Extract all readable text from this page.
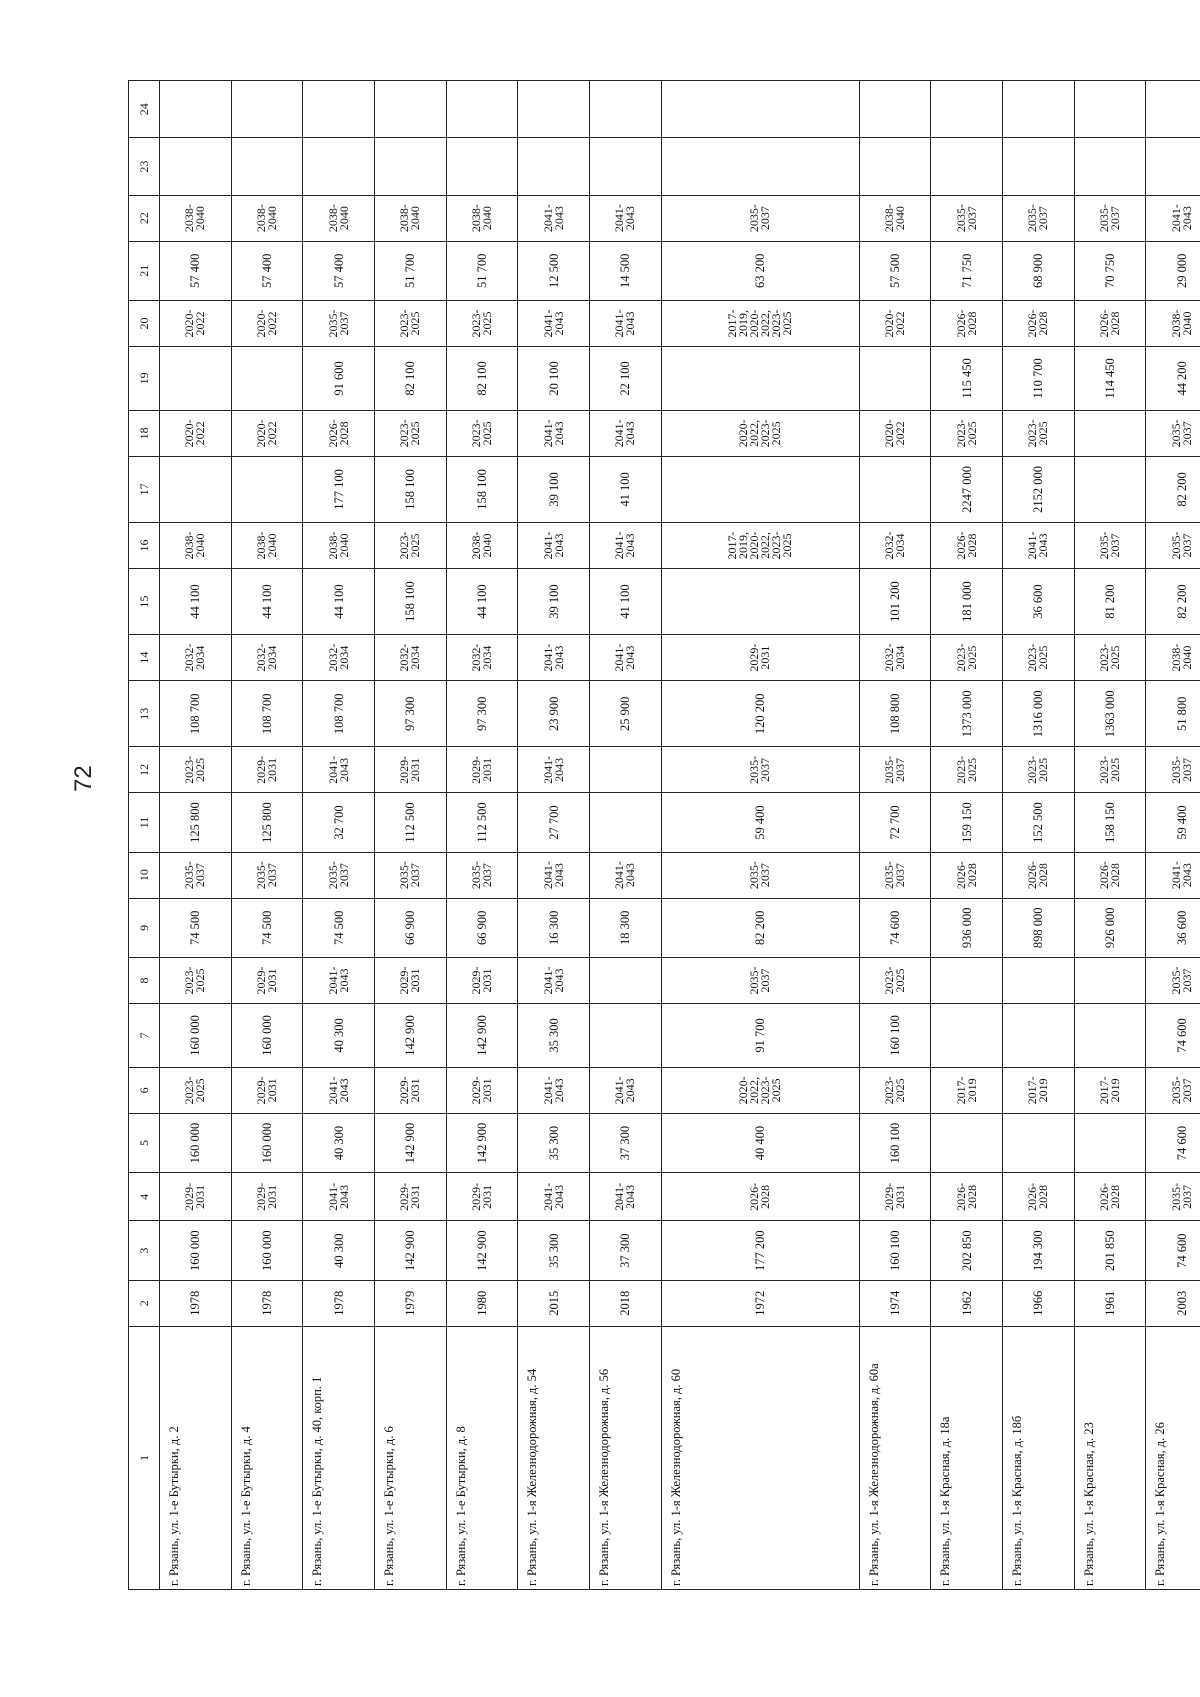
72
1	2	3	4	5	6	7	8	9	10	11	12	13	14	15	16	17	18	19	20	21	22	23	24
г. Рязань, ул. 1-е Бутырки, д. 2	1978	160 000	2029-2031	160 000	2023-2025	160 000	2023-2025	74 500	2035-2037	125 800	2023-2025	108 700	2032-2034	44 100	2038-2040		2020-2022		2020-2022	57 400	2038-2040		
г. Рязань, ул. 1-е Бутырки, д. 4	1978	160 000	2029-2031	160 000	2029-2031	160 000	2029-2031	74 500	2035-2037	125 800	2029-2031	108 700	2032-2034	44 100	2038-2040		2020-2022		2020-2022	57 400	2038-2040		
г. Рязань, ул. 1-е Бутырки, д. 40, корп. 1	1978	40 300	2041-2043	40 300	2041-2043	40 300	2041-2043	74 500	2035-2037	32 700	2041-2043	108 700	2032-2034	44 100	2038-2040	177 100	2026-2028	91 600	2035-2037	57 400	2038-2040		
г. Рязань, ул. 1-е Бутырки, д. 6	1979	142 900	2029-2031	142 900	2029-2031	142 900	2029-2031	66 900	2035-2037	112 500	2029-2031	97 300	2032-2034	158 100	2023-2025	158 100	2023-2025	82 100	2023-2025	51 700	2038-2040		
г. Рязань, ул. 1-е Бутырки, д. 8	1980	142 900	2029-2031	142 900	2029-2031	142 900	2029-2031	66 900	2035-2037	112 500	2029-2031	97 300	2032-2034	44 100	2038-2040	158 100	2023-2025	82 100	2023-2025	51 700	2038-2040		
г. Рязань, ул. 1-я Железнодорожная, д. 54	2015	35 300	2041-2043	35 300	2041-2043	35 300	2041-2043	16 300	2041-2043	27 700	2041-2043	23 900	2041-2043	39 100	2041-2043	39 100	2041-2043	20 100	2041-2043	12 500	2041-2043		
г. Рязань, ул. 1-я Железнодорожная, д. 56	2018	37 300	2041-2043	37 300	2041-2043			18 300	2041-2043			25 900	2041-2043	41 100	2041-2043	41 100	2041-2043	22 100	2041-2043	14 500	2041-2043		
г. Рязань, ул. 1-я Железнодорожная, д. 60	1972	177 200	2026-2028	40 400	2020-2022, 2023-2025	91 700	2035-2037	82 200	2035-2037	59 400	2035-2037	120 200	2029-2031		2017-2019, 2020-2022, 2023-2025		2020-2022, 2023-2025		2017-2019, 2020-2022, 2023-2025	63 200	2035-2037		
г. Рязань, ул. 1-я Железнодорожная, д. 60а	1974	160 100	2029-2031	160 100	2023-2025	160 100	2023-2025	74 600	2035-2037	72 700	2035-2037	108 800	2032-2034	101 200	2032-2034		2020-2022		2020-2022	57 500	2038-2040		
г. Рязань, ул. 1-я Красная, д. 18а	1962	202 850	2026-2028		2017-2019			936 000	2026-2028	159 150	2023-2025	1373 000	2023-2025	181 000	2026-2028	2247 000	2023-2025	115 450	2026-2028	71 750	2035-2037		
г. Рязань, ул. 1-я Красная, д. 18б	1966	194 300	2026-2028		2017-2019			898 000	2026-2028	152 500	2023-2025	1316 000	2023-2025	36 600	2041-2043	2152 000	2023-2025	110 700	2026-2028	68 900	2035-2037		
г. Рязань, ул. 1-я Красная, д. 23	1961	201 850	2026-2028		2017-2019			926 000	2026-2028	158 150	2023-2025	1363 000	2023-2025	81 200	2035-2037			114 450	2026-2028	70 750	2035-2037		
г. Рязань, ул. 1-я Красная, д. 26	2003	74 600	2035-2037	74 600	2035-2037	74 600	2035-2037	36 600	2041-2043	59 400	2035-2037	51 800	2038-2040	82 200	2035-2037	82 200	2035-2037	44 200	2038-2040	29 000	2041-2043		
